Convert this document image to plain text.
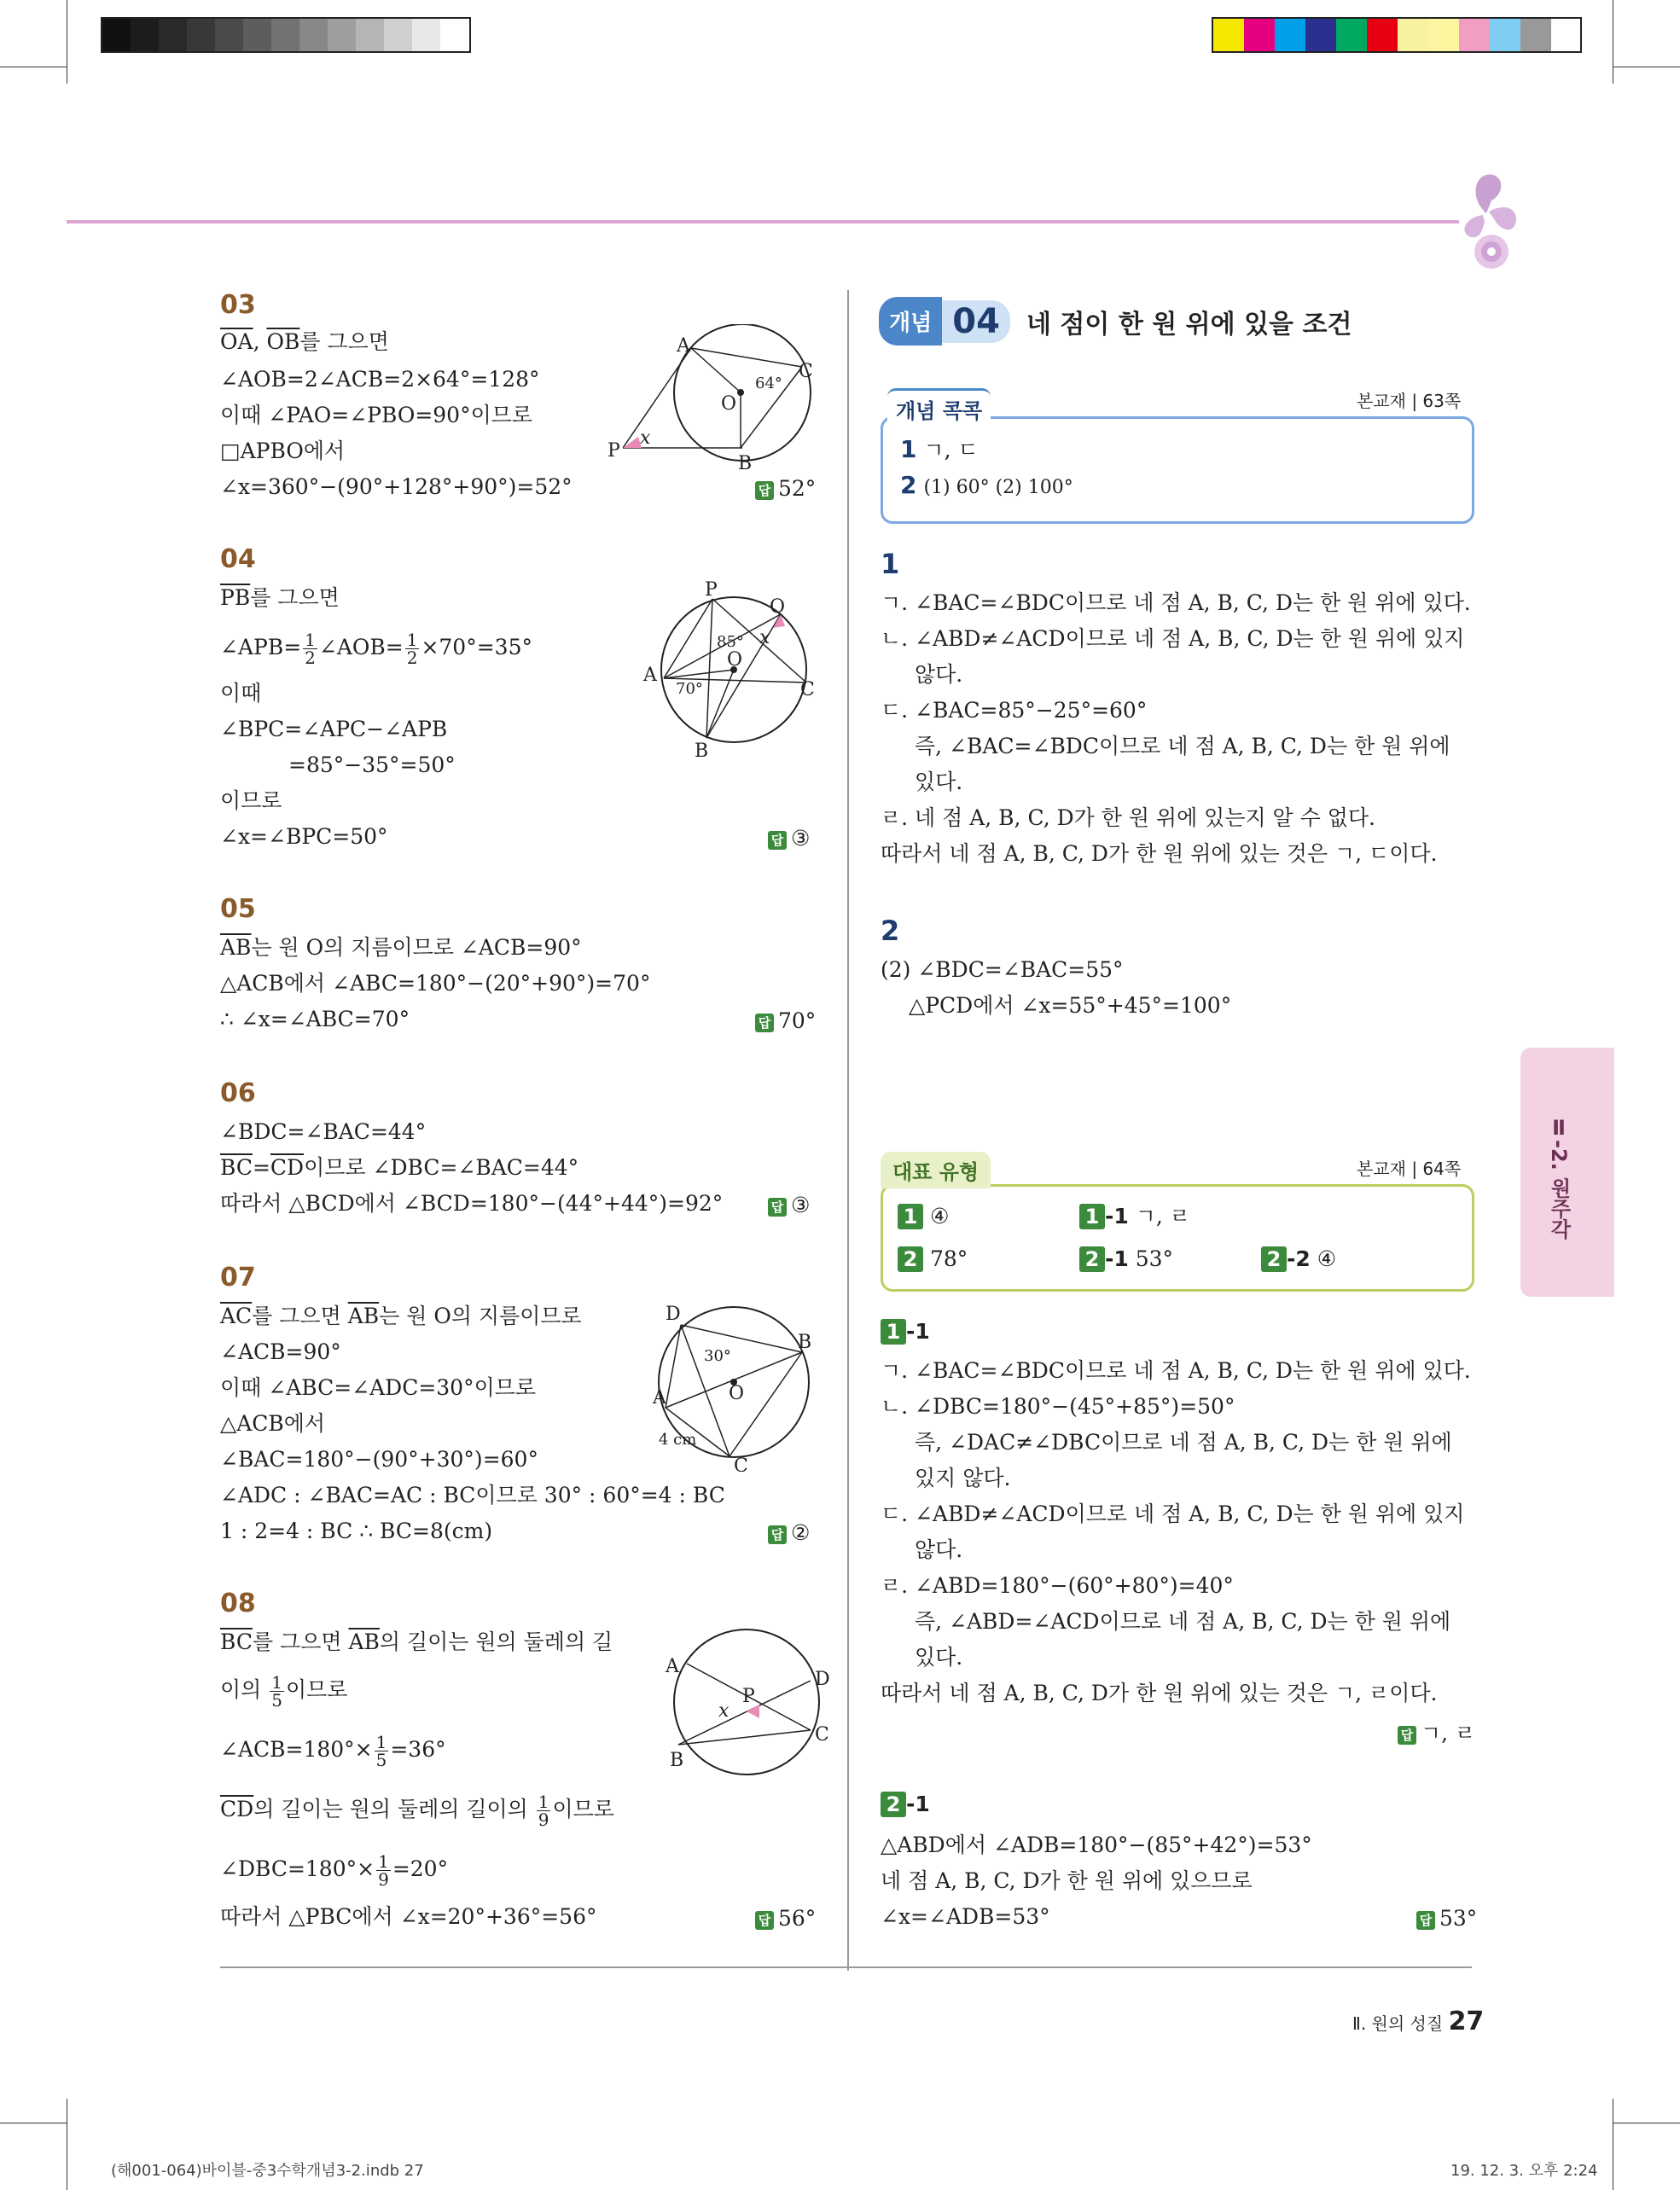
03
$\overline{OA}$, $\overline{OB}$를 그으면
∠AOB=2∠ACB=2×64°=128°
이때 ∠PAO=∠PBO=90°이므로
□APBO에서
∠x=360°−(90°+128°+90°)=52°	답 52°
A
B
C
O
P
x
64°
04
$\overline{PB}$를 그으면
∠APB= $\frac{1}{2}$ ∠AOB= $\frac{1}{2} \times 70^\circ=35^\circ$
이때
∠BPC=∠APC−∠APB
=85°−35°=50°
이므로
∠x=∠BPC=50°	답 ③
P
Q
A
B
C
O
x
85°
70°
05
$\overline{AB}$는 원 O의 지름이므로 ∠ACB=90°
△ACB에서 ∠ABC=180°−(20°+90°)=70°
∴ ∠x=∠ABC=70°	답 70°
06
∠BDC=∠BAC=44°
$\overline{BC}=\overline{CD}$이므로 ∠DBC=∠BAC=44°
따라서 △BCD에서 ∠BCD=180°−(44°+44°)=92°	답 ③
07
$\overline{AC}$를 그으면 $\overline{AB}$는 원 O의 지름이므로
∠ACB=90°
이때 ∠ABC=∠ADC=30°이므로
△ACB에서
∠BAC=180°−(90°+30°)=60°
∠ADC : ∠BAC=AC : BC이므로 30° : 60°=4 : BC
1 : 2=4 : BC ∴ BC=8(cm)	답 ②
D
B
A
C
O
30°
4 cm
08
$\overline{BC}$를 그으면 $\overline{AB}$의 길이는 원의 둘레의 길
이의 $\frac{1}{5}$ 이므로
∠ACB=180°× $\frac{1}{5} =36^\circ$
$\overline{CD}$의 길이는 원의 둘레의 길이의 $\frac{1}{9}$ 이므로
∠DBC=180°× $\frac{1}{9} =20^\circ$
따라서 △PBC에서 ∠x=20°+36°=56°	답 56°
A
B
C
D
P
x
개념 04 네 점이 한 원 위에 있을 조건
개념 콕콕	본교재 | 63쪽
1 ㄱ, ㄷ
2 (1) 60° (2) 100°
1
ㄱ. ∠BAC=∠BDC이므로 네 점 A, B, C, D는 한 원 위에 있다.
ㄴ. ∠ABD≠∠ACD이므로 네 점 A, B, C, D는 한 원 위에 있지
않다.
ㄷ. ∠BAC=85°−25°=60°
즉, ∠BAC=∠BDC이므로 네 점 A, B, C, D는 한 원 위에
있다.
ㄹ. 네 점 A, B, C, D가 한 원 위에 있는지 알 수 없다.
따라서 네 점 A, B, C, D가 한 원 위에 있는 것은 ㄱ, ㄷ이다.
2
(2) ∠BDC=∠BAC=55°
△PCD에서 ∠x=55°+45°=100°
대표 유형	본교재 | 64쪽
1 ④	1 -1 ㄱ, ㄹ
2 78°	2 -1 53°	2 -2 ④
1 -1
ㄱ. ∠BAC=∠BDC이므로 네 점 A, B, C, D는 한 원 위에 있다.
ㄴ. ∠DBC=180°−(45°+85°)=50°
즉, ∠DAC≠∠DBC이므로 네 점 A, B, C, D는 한 원 위에
있지 않다.
ㄷ. ∠ABD≠∠ACD이므로 네 점 A, B, C, D는 한 원 위에 있지
않다.
ㄹ. ∠ABD=180°−(60°+80°)=40°
즉, ∠ABD=∠ACD이므로 네 점 A, B, C, D는 한 원 위에
있다.
따라서 네 점 A, B, C, D가 한 원 위에 있는 것은 ㄱ, ㄹ이다.
답 ㄱ, ㄹ
2 -1
△ABD에서 ∠ADB=180°−(85°+42°)=53°
네 점 A, B, C, D가 한 원 위에 있으므로
∠x=∠ADB=53°	답 53°
Ⅱ-2. 원주각
Ⅱ. 원의 성질 27
(해001-064)바이블-중3수학개념3-2.indb 27	19. 12. 3. 오후 2:24
